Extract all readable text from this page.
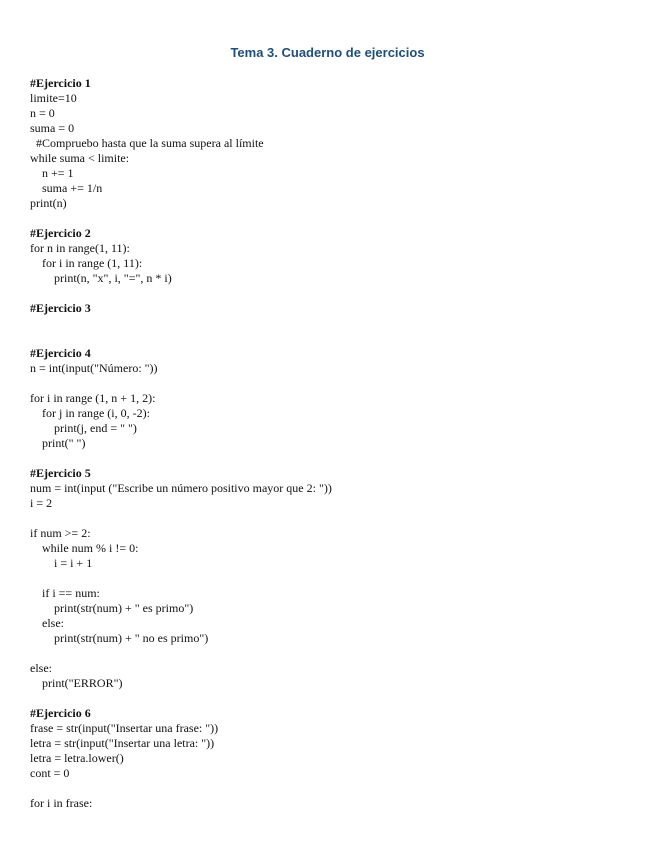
Tema 3. Cuaderno de ejercicios
#Ejercicio 1
limite=10
n = 0
suma = 0
#Compruebo hasta que la suma supera al límite
while suma < limite:
n += 1
suma += 1/n
print(n)
#Ejercicio 2
for n in range(1, 11):
for i in range (1, 11):
print(n, "x", i, "=", n * i)
#Ejercicio 3
#Ejercicio 4
n = int(input("Número: "))
for i in range (1, n + 1, 2):
for j in range (i, 0, -2):
print(j, end = " ")
print(" ")
#Ejercicio 5
num = int(input ("Escribe un número positivo mayor que 2: "))
i = 2
if num >= 2:
while num % i != 0:
i = i + 1
if i == num:
print(str(num) + " es primo")
else:
print(str(num) + " no es primo")
else:
print("ERROR")
#Ejercicio 6
frase = str(input("Insertar una frase: "))
letra = str(input("Insertar una letra: "))
letra = letra.lower()
cont = 0
for i in frase:
